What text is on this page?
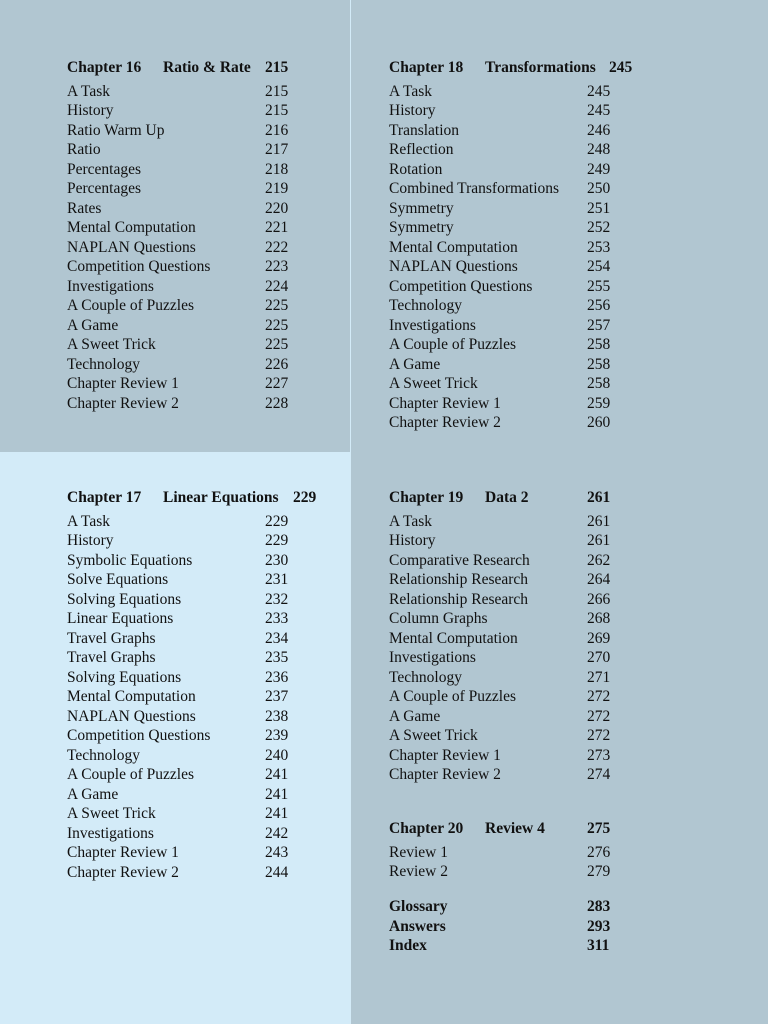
Chapter 16 Ratio & Rate 215
A Task	215
History	215
Ratio Warm Up	216
Ratio	217
Percentages	218
Percentages	219
Rates	220
Mental Computation	221
NAPLAN Questions	222
Competition Questions	223
Investigations	224
A Couple of Puzzles	225
A Game	225
A Sweet Trick	225
Technology	226
Chapter Review 1	227
Chapter Review 2	228
Chapter 17 Linear Equations 229
A Task	229
History	229
Symbolic Equations	230
Solve Equations	231
Solving Equations	232
Linear Equations	233
Travel Graphs	234
Travel Graphs	235
Solving Equations	236
Mental Computation	237
NAPLAN Questions	238
Competition Questions	239
Technology	240
A Couple of Puzzles	241
A Game	241
A Sweet Trick	241
Investigations	242
Chapter Review 1	243
Chapter Review 2	244
Chapter 18 Transformations 245
A Task	245
History	245
Translation	246
Reflection	248
Rotation	249
Combined Transformations 250
Symmetry	251
Symmetry	252
Mental Computation	253
NAPLAN Questions	254
Competition Questions	255
Technology	256
Investigations	257
A Couple of Puzzles	258
A Game	258
A Sweet Trick	258
Chapter Review 1	259
Chapter Review 2	260
Chapter 19 Data 2	261
A Task	261
History	261
Comparative Research	262
Relationship Research	264
Relationship Research	266
Column Graphs	268
Mental Computation	269
Investigations	270
Technology	271
A Couple of Puzzles	272
A Game	272
A Sweet Trick	272
Chapter Review 1	273
Chapter Review 2	274
Chapter 20 Review 4	275
Review 1	276
Review 2	279
Glossary	283
Answers	293
Index	311
